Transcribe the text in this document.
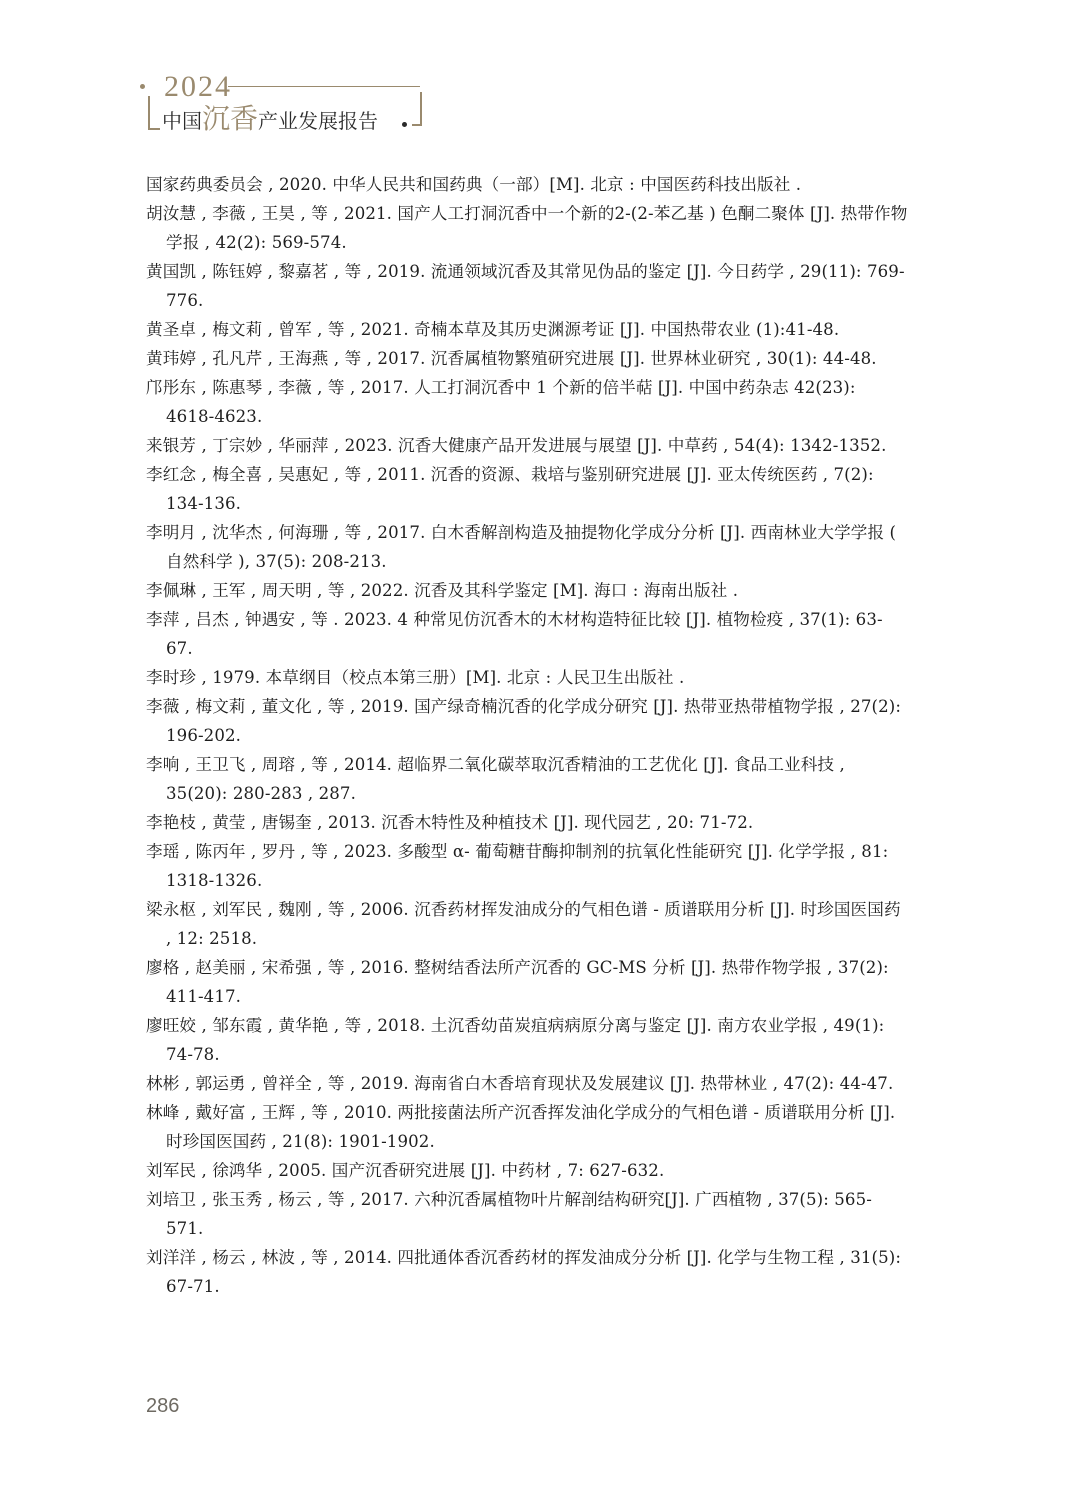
2024
中国沉香产业发展报告

国家药典委员会 , 2020. 中华人民共和国药典（一部）[M]. 北京 : 中国医药科技出版社 .

胡汝慧 , 李薇 , 王昊 , 等 , 2021. 国产人工打洞沉香中一个新的2-(2-苯乙基 ) 色酮二聚体 [J]. 热带作物学报 , 42(2): 569-574.

黄国凯 , 陈钰婷 , 黎嘉茗 , 等 , 2019. 流通领域沉香及其常见伪品的鉴定 [J]. 今日药学 , 29(11): 769-776.

黄圣卓 , 梅文莉 , 曾军 , 等 , 2021. 奇楠本草及其历史渊源考证 [J]. 中国热带农业 (1):41-48.

黄玮婷 , 孔凡芹 , 王海燕 , 等 , 2017. 沉香属植物繁殖研究进展 [J]. 世界林业研究 , 30(1): 44-48.

邝彤东 , 陈惠琴 , 李薇 , 等 , 2017. 人工打洞沉香中 1 个新的倍半萜 [J]. 中国中药杂志 42(23): 4618-4623.

来银芳 , 丁宗妙 , 华丽萍 , 2023. 沉香大健康产品开发进展与展望 [J]. 中草药 , 54(4): 1342-1352.

李红念 , 梅全喜 , 吴惠妃 , 等 , 2011. 沉香的资源、栽培与鉴别研究进展 [J]. 亚太传统医药 , 7(2): 134-136.

李明月 , 沈华杰 , 何海珊 , 等 , 2017. 白木香解剖构造及抽提物化学成分分析 [J]. 西南林业大学学报 ( 自然科学 ), 37(5): 208-213.

李佩琳 , 王军 , 周天明 , 等 , 2022. 沉香及其科学鉴定 [M]. 海口 : 海南出版社 .

李萍 , 吕杰 , 钟遇安 , 等 . 2023. 4 种常见仿沉香木的木材构造特征比较 [J]. 植物检疫 , 37(1): 63-67.

李时珍 , 1979. 本草纲目（校点本第三册）[M]. 北京 : 人民卫生出版社 .

李薇 , 梅文莉 , 董文化 , 等 , 2019. 国产绿奇楠沉香的化学成分研究 [J]. 热带亚热带植物学报 , 27(2): 196-202.

李响 , 王卫飞 , 周瑢 , 等 , 2014. 超临界二氧化碳萃取沉香精油的工艺优化 [J]. 食品工业科技 , 35(20): 280-283 , 287.

李艳枝 , 黄莹 , 唐锡奎 , 2013. 沉香木特性及种植技术 [J]. 现代园艺 , 20: 71-72.

李瑶 , 陈丙年 , 罗丹 , 等 , 2023. 多酸型 α- 葡萄糖苷酶抑制剂的抗氧化性能研究 [J]. 化学学报 , 81: 1318-1326.

梁永枢 , 刘军民 , 魏刚 , 等 , 2006. 沉香药材挥发油成分的气相色谱 - 质谱联用分析 [J]. 时珍国医国药 , 12: 2518.

廖格 , 赵美丽 , 宋希强 , 等 , 2016. 整树结香法所产沉香的 GC-MS 分析 [J]. 热带作物学报 , 37(2): 411-417.

廖旺姣 , 邹东霞 , 黄华艳 , 等 , 2018. 土沉香幼苗炭疽病病原分离与鉴定 [J]. 南方农业学报 , 49(1): 74-78.

林彬 , 郭运勇 , 曾祥全 , 等 , 2019. 海南省白木香培育现状及发展建议 [J]. 热带林业 , 47(2): 44-47.

林峰 , 戴好富 , 王辉 , 等 , 2010. 两批接菌法所产沉香挥发油化学成分的气相色谱 - 质谱联用分析 [J]. 时珍国医国药 , 21(8): 1901-1902.

刘军民 , 徐鸿华 , 2005. 国产沉香研究进展 [J]. 中药材 , 7: 627-632.

刘培卫 , 张玉秀 , 杨云 , 等 , 2017. 六种沉香属植物叶片解剖结构研究[J]. 广西植物 , 37(5): 565-571.

刘洋洋 , 杨云 , 林波 , 等 , 2014. 四批通体香沉香药材的挥发油成分分析 [J]. 化学与生物工程 , 31(5): 67-71.

286
